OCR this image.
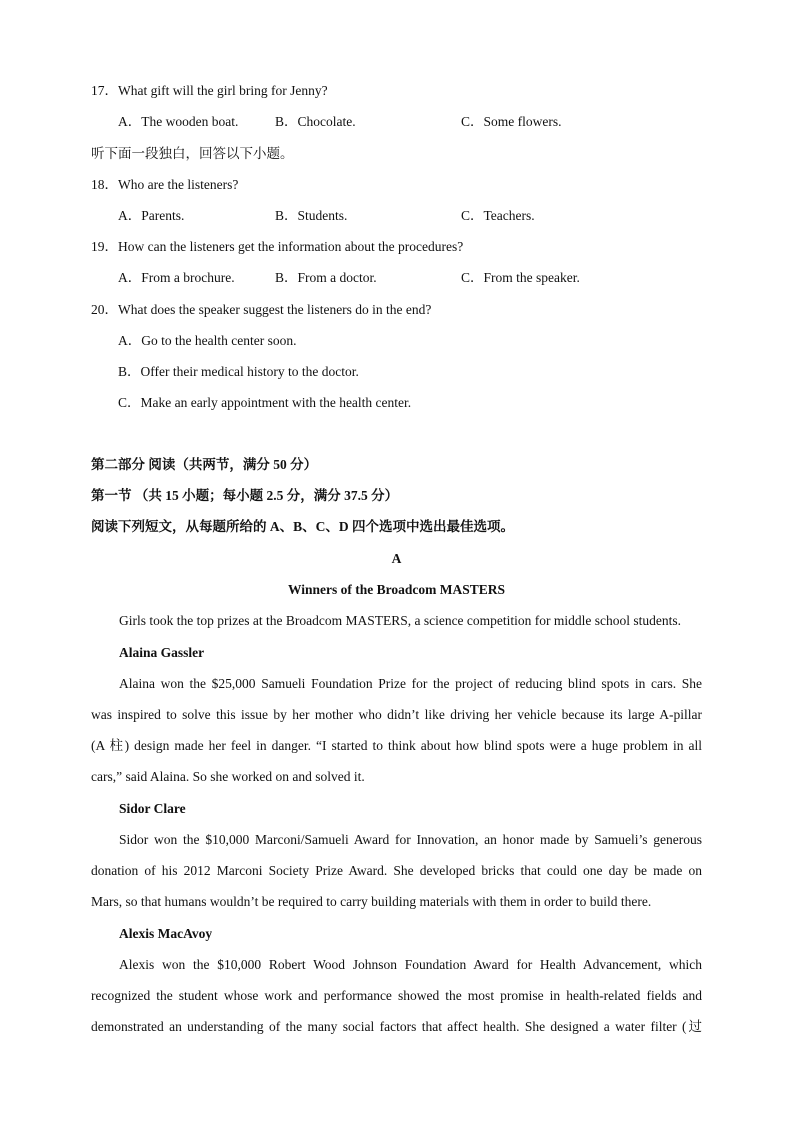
17．What gift will the girl bring for Jenny?
A．The wooden boat.	B．Chocolate.	C．Some flowers.
听下面一段独白，回答以下小题。
18．Who are the listeners?
A．Parents.	B．Students.	C．Teachers.
19．How can the listeners get the information about the procedures?
A．From a brochure.	B．From a doctor.	C．From the speaker.
20．What does the speaker suggest the listeners do in the end?
A．Go to the health center soon.
B．Offer their medical history to the doctor.
C．Make an early appointment with the health center.
第二部分 阅读（共两节，满分 50 分）
第一节 （共 15 小题；每小题 2.5 分，满分 37.5 分）
阅读下列短文，从每题所给的 A、B、C、D 四个选项中选出最佳选项。
A
Winners of the Broadcom MASTERS
Girls took the top prizes at the Broadcom MASTERS, a science competition for middle school students.
Alaina Gassler
Alaina won the $25,000 Samueli Foundation Prize for the project of reducing blind spots in cars. She
was inspired to solve this issue by her mother who didn’t like driving her vehicle because its large A-pillar
(A 柱) design made her feel in danger. “I started to think about how blind spots were a huge problem in all
cars,” said Alaina. So she worked on and solved it.
Sidor Clare
Sidor won the $10,000 Marconi/Samueli Award for Innovation, an honor made by Samueli’s generous
donation of his 2012 Marconi Society Prize Award. She developed bricks that could one day be made on
Mars, so that humans wouldn’t be required to carry building materials with them in order to build there.
Alexis MacAvoy
Alexis won the $10,000 Robert Wood Johnson Foundation Award for Health Advancement, which
recognized the student whose work and performance showed the most promise in health-related fields and
demonstrated an understanding of the many social factors that affect health. She designed a water filter (过
